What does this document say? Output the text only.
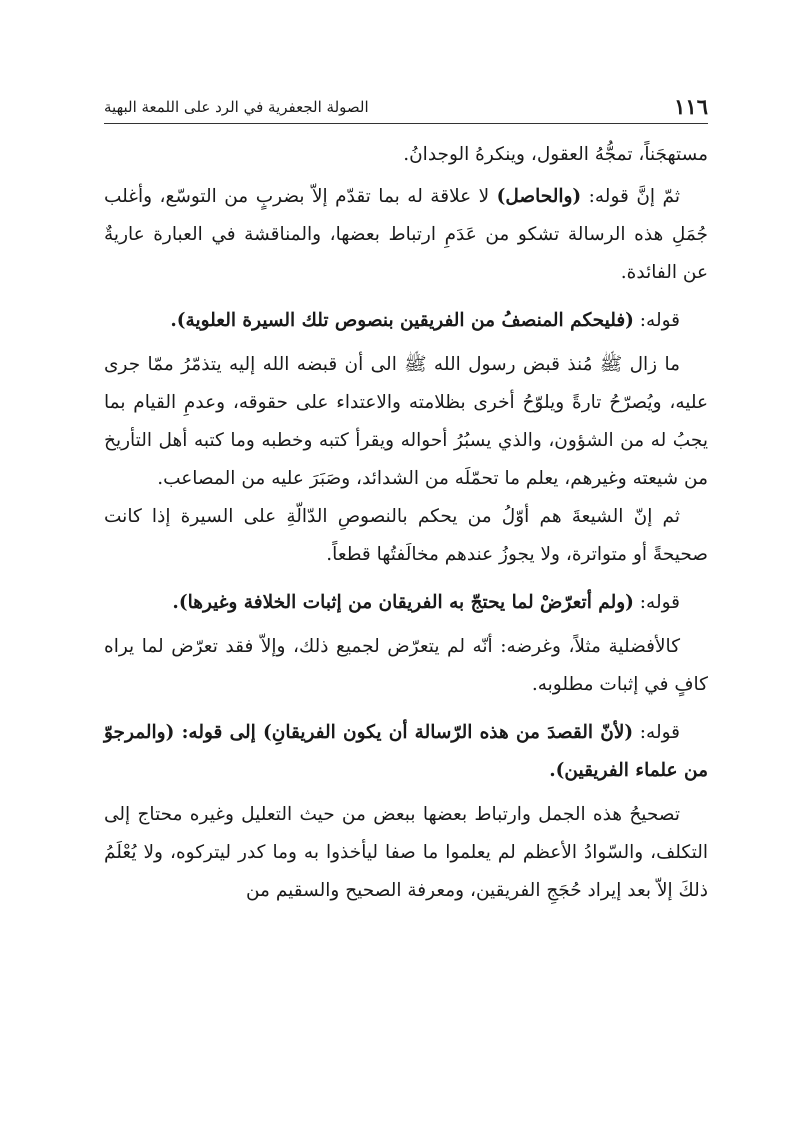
١١٦
الصولة الجعفرية في الرد على اللمعة البهية

مستهجَناً، تمجُّهُ العقول، وينكرهُ الوجدانُ.

ثمّ إنَّ قوله: (والحاصل) لا علاقة له بما تقدّم إلاّ بضربٍ من التوسّع، وأغلب جُمَلِ هذه الرسالة تشكو من عَدَمِ ارتباط بعضها، والمناقشة في العبارة عاريةٌ عن الفائدة.

قوله: (فليحكم المنصفُ من الفريقين بنصوص تلك السيرة العلوية).

ما زال ﷺ مُنذ قبض رسول الله ﷺ الى أن قبضه الله إليه يتذمّرُ ممّا جرى عليه، ويُصرّحُ تارةً ويلوّحُ أخرى بظلامته والاعتداء على حقوقه، وعدمِ القيام بما يجبُ له من الشؤون، والذي يسبُرُ أحواله ويقرأ كتبه وخطبه وما كتبه أهل التأريخ من شيعته وغيرهم، يعلم ما تحمّلَه من الشدائد، وصَبَرَ عليه من المصاعب.

ثم إنّ الشيعةَ هم أوّلُ من يحكم بالنصوصِ الدّالّةِ على السيرة إذا كانت صحيحةً أو متواترة، ولا يجوزُ عندهم مخالَفتُها قطعاً.

قوله: (ولم أتعرّضْ لما يحتجّ به الفريقان من إثبات الخلافة وغيرها).

كالأفضلية مثلاً، وغرضه: أنّه لم يتعرّض لجميع ذلك، وإلاّ فقد تعرّض لما يراه كافٍ في إثبات مطلوبه.

قوله: (لأنّ القصدَ من هذه الرّسالة أن يكون الفريقانِ) إلى قوله: (والمرجوّ من علماء الفريقين).

تصحيحُ هذه الجمل وارتباط بعضها ببعض من حيث التعليل وغيره محتاج إلى التكلف، والسّوادُ الأعظم لم يعلموا ما صفا ليأخذوا به وما كدر ليتركوه، ولا يُعْلَمُ ذلكَ إلاّ بعد إيراد حُجَجِ الفريقين، ومعرفة الصحيح والسقيم من
